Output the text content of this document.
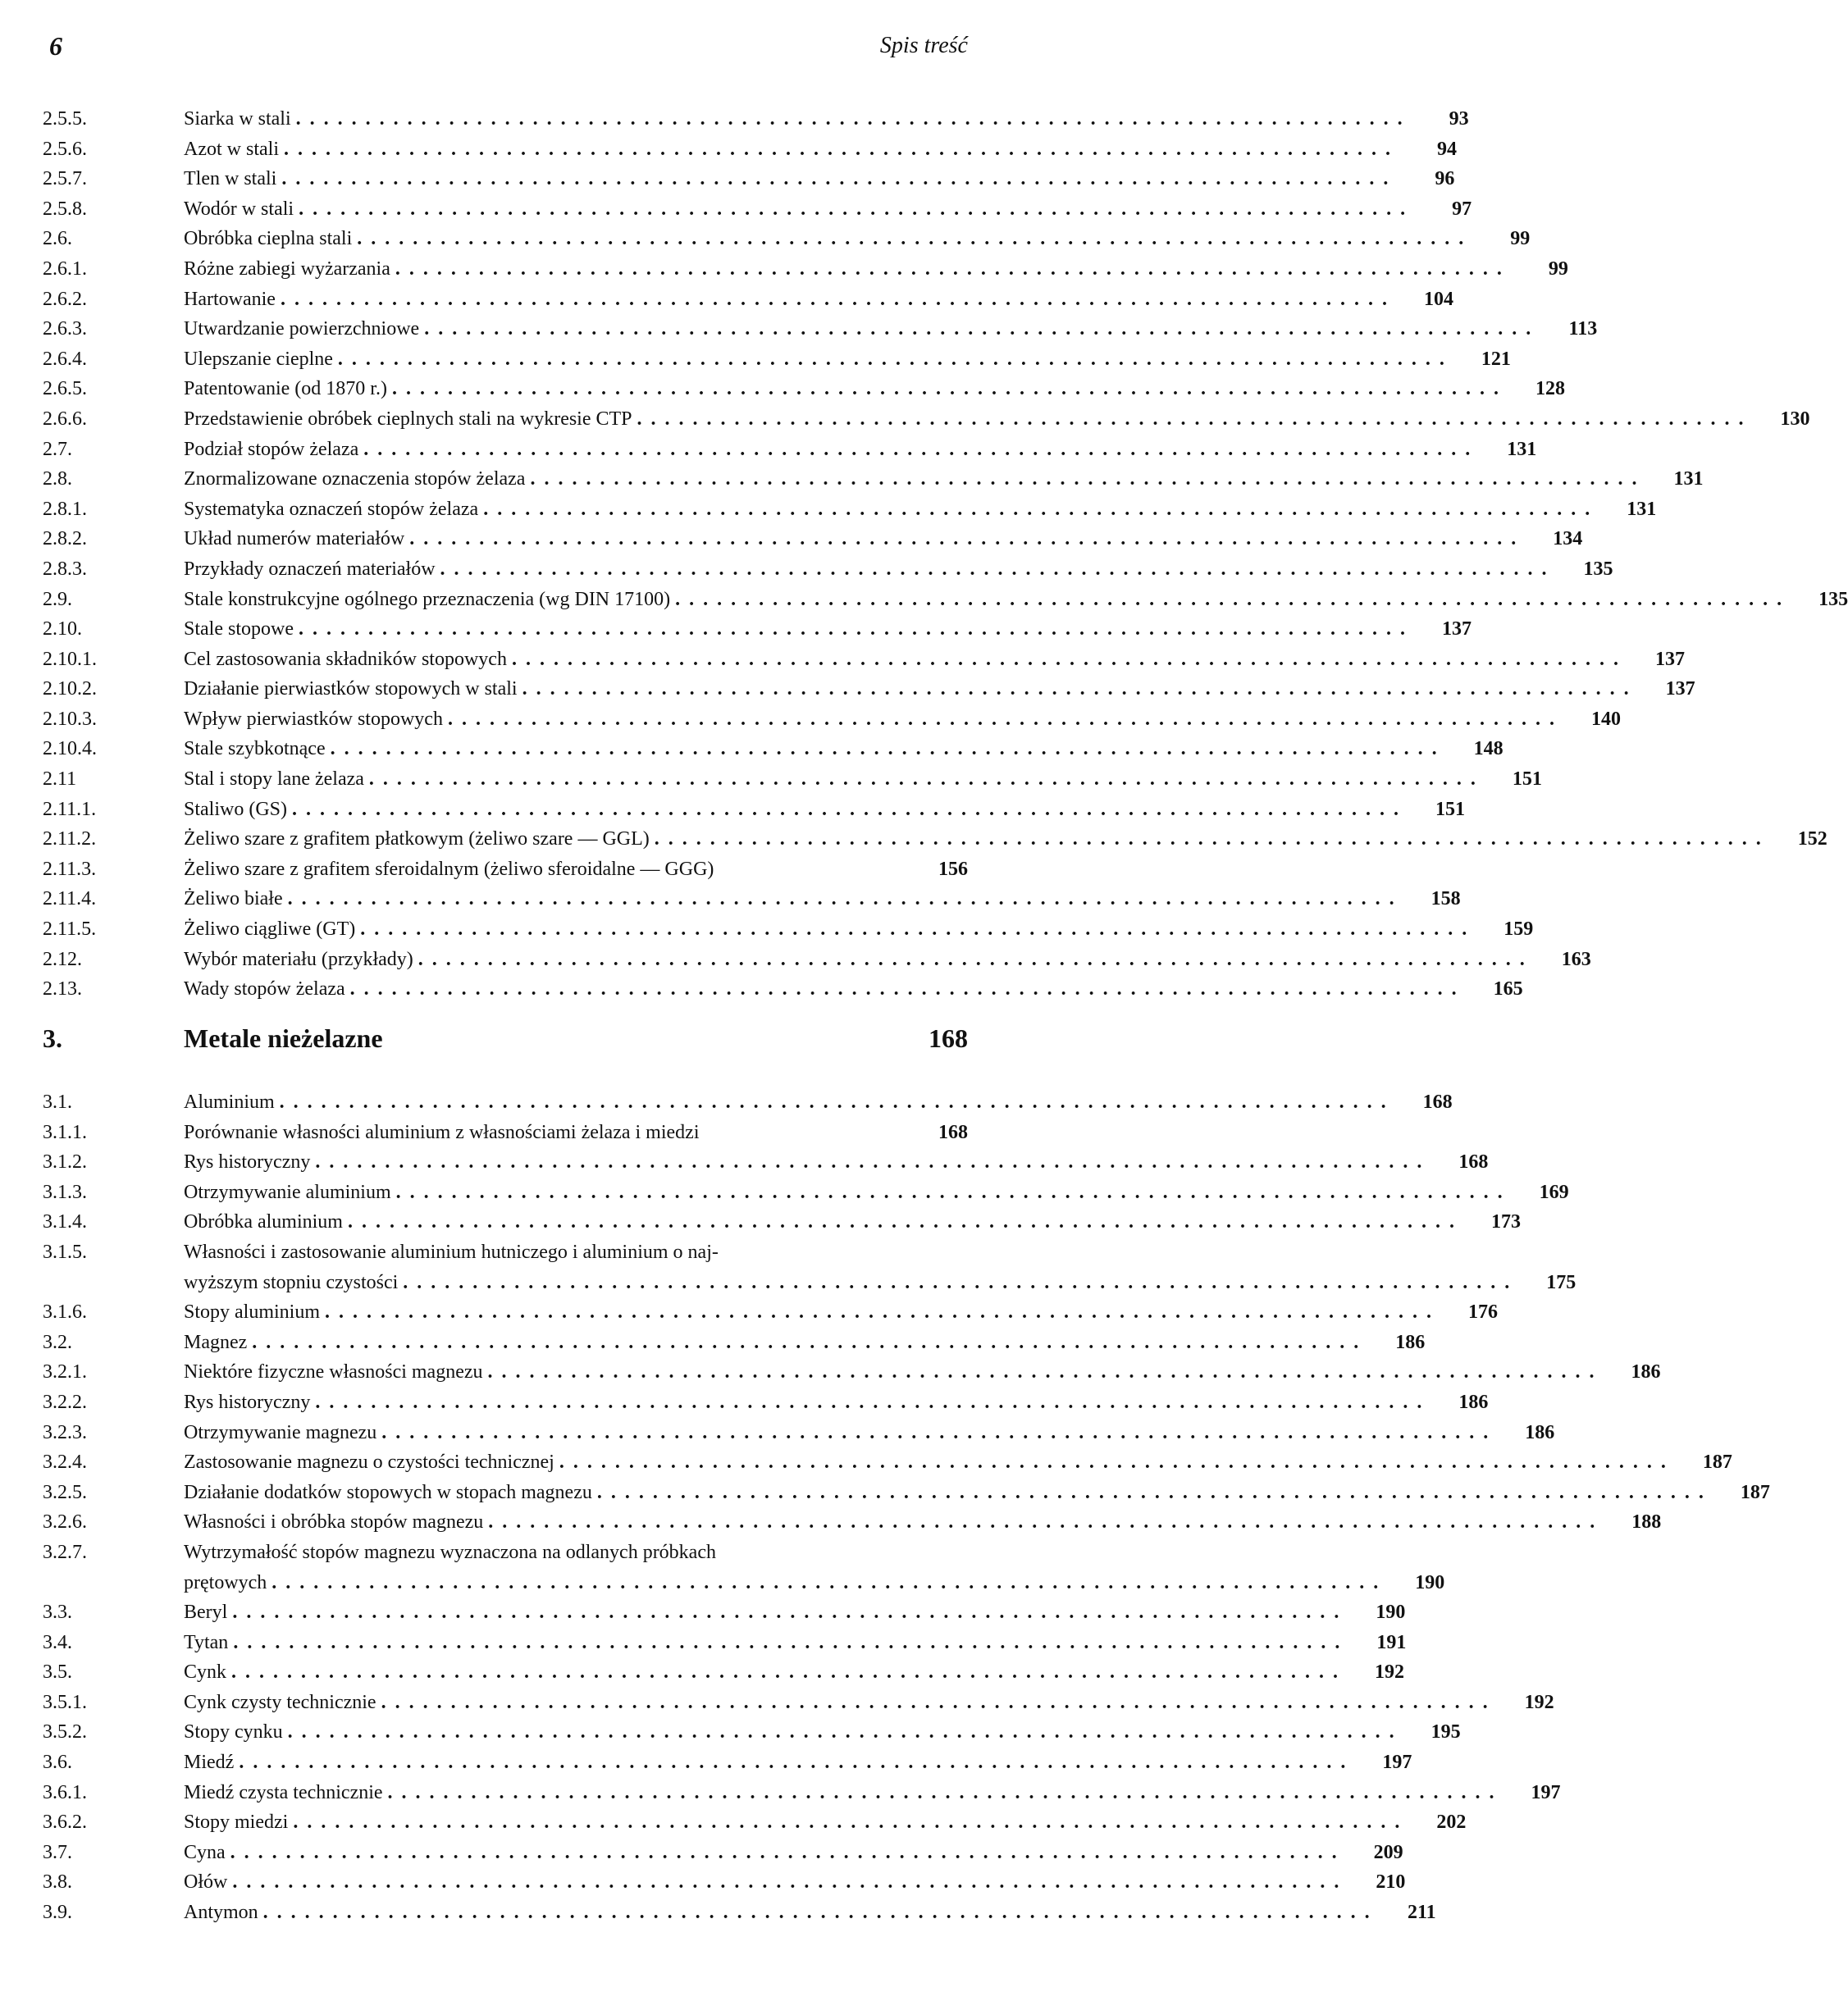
6	Spis treść
2.5.5.	Siarka w stali ................................................................................	93
2.5.6.	Azot w stali ................................................................................	94
2.5.7.	Tlen w stali ................................................................................	96
2.5.8.	Wodór w stali ................................................................................	97
2.6.	Obróbka cieplna stali ................................................................................	99
2.6.1.	Różne zabiegi wyżarzania ................................................................................	99
2.6.2.	Hartowanie ................................................................................	104
2.6.3.	Utwardzanie powierzchniowe ................................................................................	113
2.6.4.	Ulepszanie cieplne ................................................................................	121
2.6.5.	Patentowanie (od 1870 r.) ................................................................................	128
2.6.6.	Przedstawienie obróbek cieplnych stali na wykresie CTP ................................................................................	130
2.7.	Podział stopów żelaza ................................................................................	131
2.8.	Znormalizowane oznaczenia stopów żelaza ................................................................................	131
2.8.1.	Systematyka oznaczeń stopów żelaza ................................................................................	131
2.8.2.	Układ numerów materiałów ................................................................................	134
2.8.3.	Przykłady oznaczeń materiałów ................................................................................	135
2.9.	Stale konstrukcyjne ogólnego przeznaczenia (wg DIN 17100) ................................................................................	135
2.10.	Stale stopowe ................................................................................	137
2.10.1.	Cel zastosowania składników stopowych ................................................................................	137
2.10.2.	Działanie pierwiastków stopowych w stali ................................................................................	137
2.10.3.	Wpływ pierwiastków stopowych ................................................................................	140
2.10.4.	Stale szybkotnące ................................................................................	148
2.11	Stal i stopy lane żelaza ................................................................................	151
2.11.1.	Staliwo (GS) ................................................................................	151
2.11.2.	Żeliwo szare z grafitem płatkowym (żeliwo szare — GGL) ................................................................................	152
2.11.3.	Żeliwo szare z grafitem sferoidalnym (żeliwo sferoidalne — GGG)	156
2.11.4.	Żeliwo białe ................................................................................	158
2.11.5.	Żeliwo ciągliwe (GT) ................................................................................	159
2.12.	Wybór materiału (przykłady) ................................................................................	163
2.13.	Wady stopów żelaza ................................................................................	165
3.	Metale nieżelazne	168
3.1.	Aluminium ................................................................................	168
3.1.1.	Porównanie własności aluminium z własnościami żelaza i miedzi	168
3.1.2.	Rys historyczny ................................................................................	168
3.1.3.	Otrzymywanie aluminium ................................................................................	169
3.1.4.	Obróbka aluminium ................................................................................	173
3.1.5.	Własności i zastosowanie aluminium hutniczego i aluminium o naj-
wyższym stopniu czystości ................................................................................	175
3.1.6.	Stopy aluminium ................................................................................	176
3.2.	Magnez ................................................................................	186
3.2.1.	Niektóre fizyczne własności magnezu ................................................................................	186
3.2.2.	Rys historyczny ................................................................................	186
3.2.3.	Otrzymywanie magnezu ................................................................................	186
3.2.4.	Zastosowanie magnezu o czystości technicznej ................................................................................	187
3.2.5.	Działanie dodatków stopowych w stopach magnezu ................................................................................	187
3.2.6.	Własności i obróbka stopów magnezu ................................................................................	188
3.2.7.	Wytrzymałość stopów magnezu wyznaczona na odlanych próbkach
prętowych ................................................................................	190
3.3.	Beryl ................................................................................	190
3.4.	Tytan ................................................................................	191
3.5.	Cynk ................................................................................	192
3.5.1.	Cynk czysty technicznie ................................................................................	192
3.5.2.	Stopy cynku ................................................................................	195
3.6.	Miedź ................................................................................	197
3.6.1.	Miedź czysta technicznie ................................................................................	197
3.6.2.	Stopy miedzi ................................................................................	202
3.7.	Cyna ................................................................................	209
3.8.	Ołów ................................................................................	210
3.9.	Antymon ................................................................................	211
